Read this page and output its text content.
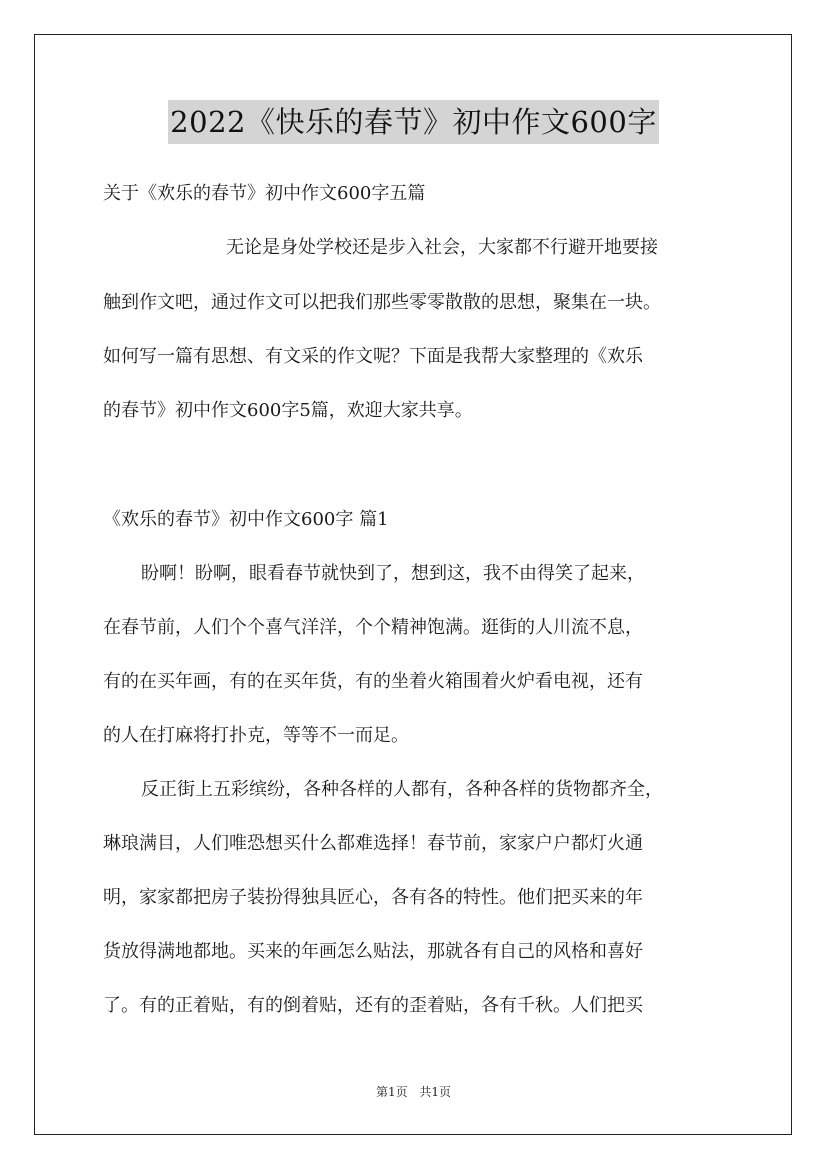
2022《快乐的春节》初中作文600字
关于《欢乐的春节》初中作文600字五篇
无论是身处学校还是步入社会，大家都不行避开地要接
触到作文吧，通过作文可以把我们那些零零散散的思想，聚集在一块。
如何写一篇有思想、有文采的作文呢？下面是我帮大家整理的《欢乐
的春节》初中作文600字5篇，欢迎大家共享。
《欢乐的春节》初中作文600字 篇1
盼啊！盼啊，眼看春节就快到了，想到这，我不由得笑了起来，
在春节前，人们个个喜气洋洋，个个精神饱满。逛街的人川流不息，
有的在买年画，有的在买年货，有的坐着火箱围着火炉看电视，还有
的人在打麻将打扑克，等等不一而足。
反正街上五彩缤纷，各种各样的人都有，各种各样的货物都齐全，
琳琅满目，人们唯恐想买什么都难选择！春节前，家家户户都灯火通
明，家家都把房子装扮得独具匠心，各有各的特性。他们把买来的年
货放得满地都地。买来的年画怎么贴法，那就各有自己的风格和喜好
了。有的正着贴，有的倒着贴，还有的歪着贴，各有千秋。人们把买
第1页 共1页
